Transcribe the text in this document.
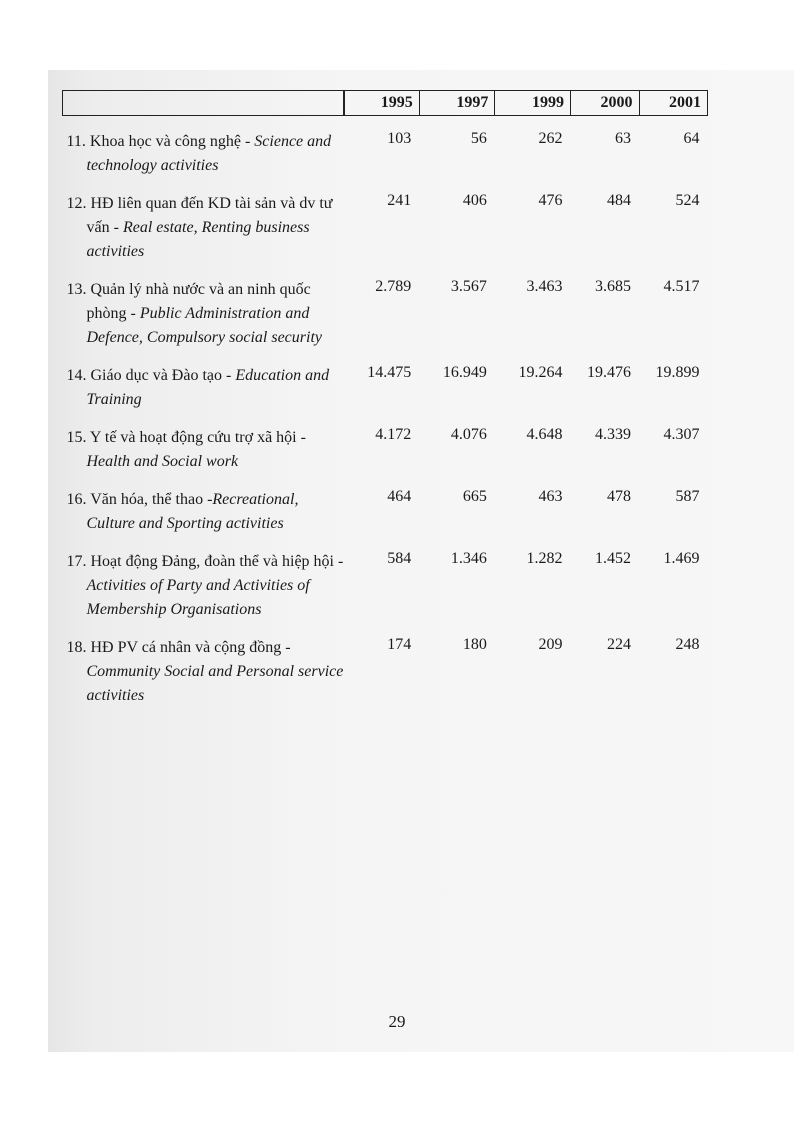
	1995	1997	1999	2000	2001

11. Khoa học và công nghệ - Science and technology activities	103	56	262	63	64

12. HĐ liên quan đến KD tài sản và dv tư vấn - Real estate, Renting business activities	241	406	476	484	524

13. Quản lý nhà nước và an ninh quốc phòng - Public Administration and Defence, Compulsory social security	2.789	3.567	3.463	3.685	4.517

14. Giáo dục và Đào tạo - Education and Training	14.475	16.949	19.264	19.476	19.899

15. Y tế và hoạt động cứu trợ xã hội - Health and Social work	4.172	4.076	4.648	4.339	4.307

16. Văn hóa, thể thao -Recreational, Culture and Sporting activities	464	665	463	478	587

17. Hoạt động Đảng, đoàn thể và hiệp hội - Activities of Party and Activities of Membership Organisations	584	1.346	1.282	1.452	1.469

18. HĐ PV cá nhân và cộng đồng - Community Social and Personal service activities	174	180	209	224	248
29
